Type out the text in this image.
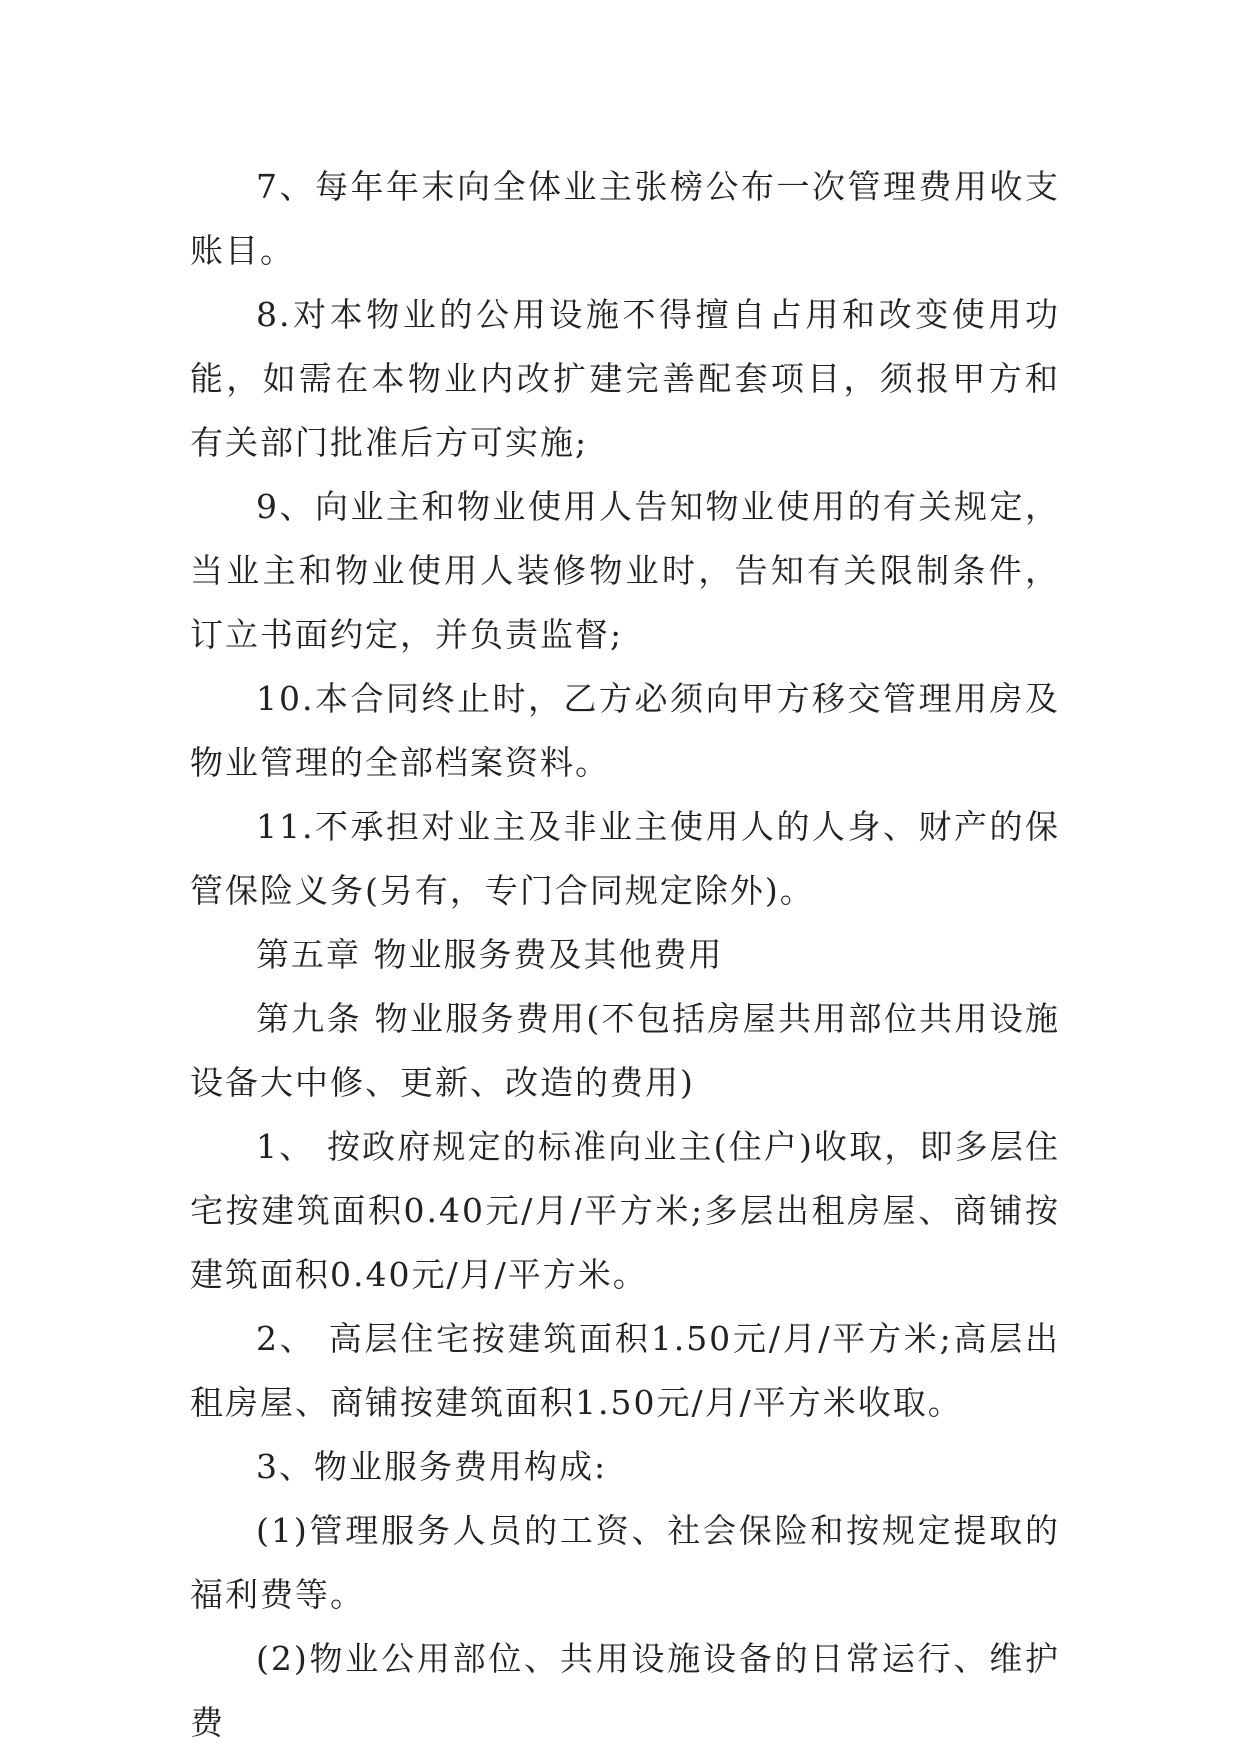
7、每年年末向全体业主张榜公布一次管理费用收支账目。

8.对本物业的公用设施不得擅自占用和改变使用功能，如需在本物业内改扩建完善配套项目，须报甲方和有关部门批准后方可实施;

9、向业主和物业使用人告知物业使用的有关规定，当业主和物业使用人装修物业时，告知有关限制条件，订立书面约定，并负责监督;

10.本合同终止时，乙方必须向甲方移交管理用房及物业管理的全部档案资料。

11.不承担对业主及非业主使用人的人身、财产的保管保险义务(另有，专门合同规定除外)。

第五章 物业服务费及其他费用

第九条 物业服务费用(不包括房屋共用部位共用设施设备大中修、更新、改造的费用)

1、 按政府规定的标准向业主(住户)收取，即多层住宅按建筑面积0.40元/月/平方米;多层出租房屋、商铺按建筑面积0.40元/月/平方米。

2、 高层住宅按建筑面积1.50元/月/平方米;高层出租房屋、商铺按建筑面积1.50元/月/平方米收取。

3、物业服务费用构成:

(1)管理服务人员的工资、社会保险和按规定提取的福利费等。

(2)物业公用部位、共用设施设备的日常运行、维护费
